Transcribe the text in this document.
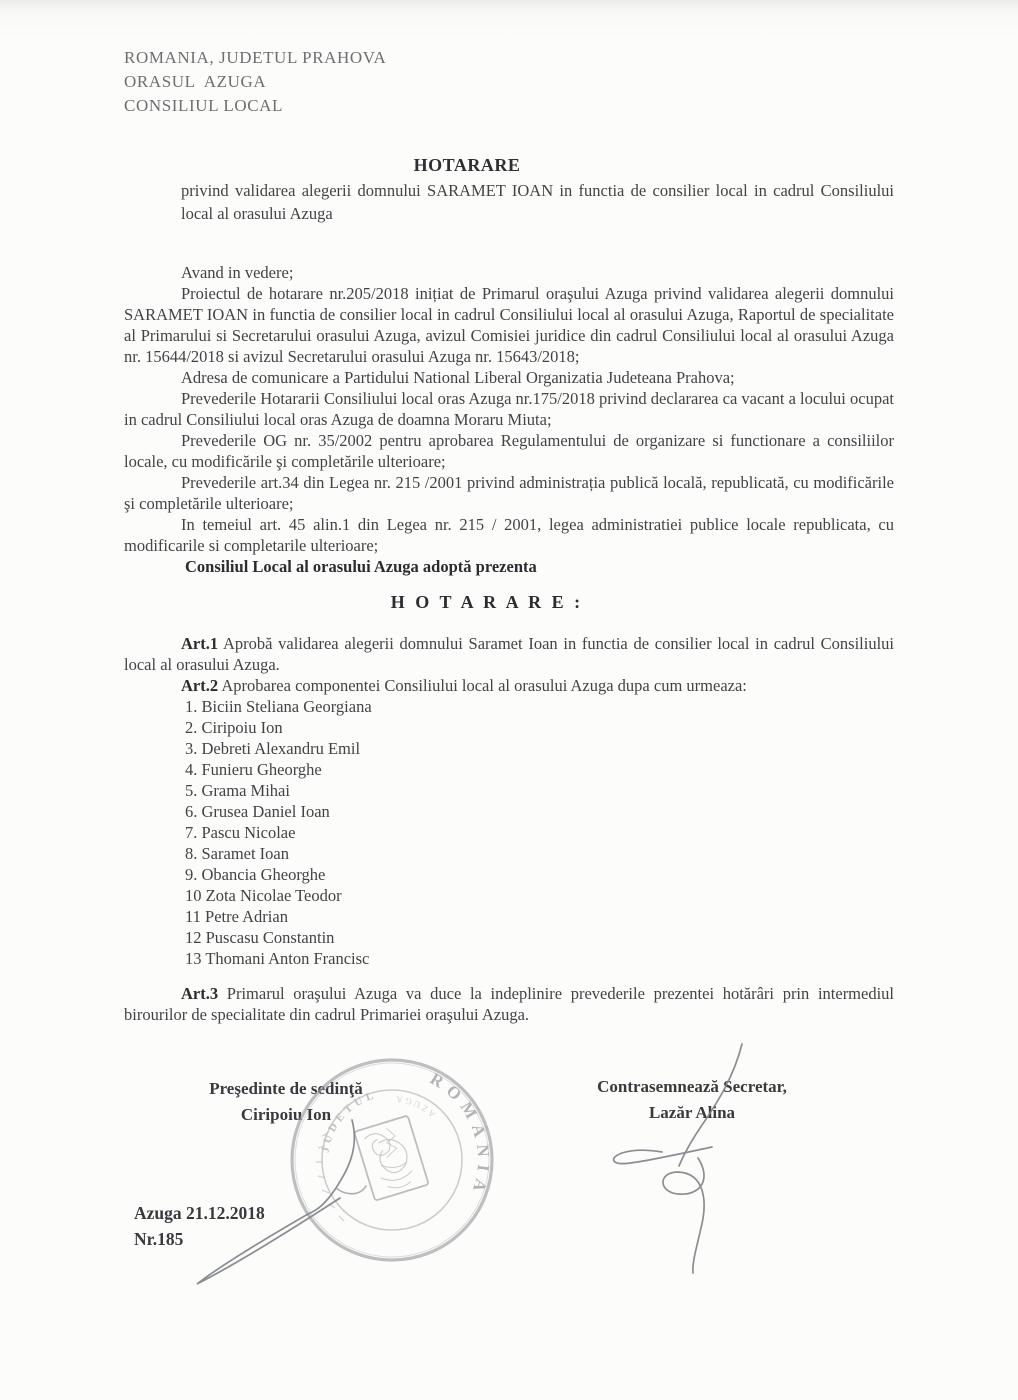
ROMANIA, JUDETUL PRAHOVA
ORASUL  AZUGA
CONSILIUL LOCAL
HOTARARE
privind validarea alegerii domnului SARAMET IOAN in functia de consilier local in cadrul Consiliului local al orasului Azuga

Avand in vedere;

Proiectul de hotarare nr.205/2018 inițiat de Primarul oraşului Azuga privind validarea alegerii domnului SARAMET IOAN in functia de consilier local in cadrul Consiliului local al orasului Azuga, Raportul de specialitate al Primarului si Secretarului orasului Azuga, avizul Comisiei juridice din cadrul Consiliului local al orasului Azuga nr. 15644/2018 si avizul Secretarului orasului Azuga nr. 15643/2018;

Adresa de comunicare a Partidului National Liberal Organizatia Judeteana Prahova;

Prevederile Hotararii Consiliului local oras Azuga nr.175/2018 privind declararea ca vacant a locului ocupat in cadrul Consiliului local oras Azuga de doamna Moraru Miuta;

Prevederile OG nr. 35/2002 pentru aprobarea Regulamentului de organizare si functionare a consiliilor locale, cu modificările şi completările ulterioare;

Prevederile art.34 din Legea nr. 215 /2001 privind administrația publică locală, republicată, cu modificările şi completările ulterioare;

In temeiul art. 45 alin.1 din Legea nr. 215 / 2001, legea administratiei publice locale republicata, cu modificarile si completarile ulterioare;

Consiliul Local al orasului Azuga adoptă prezenta
H O T A R A R E :

Art.1 Aprobă validarea alegerii domnului Saramet Ioan in functia de consilier local in cadrul Consiliului local al orasului Azuga.

Art.2 Aprobarea componentei Consiliului local al orasului Azuga dupa cum urmeaza:

1. Biciin Steliana Georgiana
2. Ciripoiu Ion
3. Debreti Alexandru Emil
4. Funieru Gheorghe
5. Grama Mihai
6. Grusea Daniel Ioan
7. Pascu Nicolae
8. Saramet Ioan
9. Obancia Gheorghe
10 Zota Nicolae Teodor
11 Petre Adrian
12 Puscasu Constantin
13 Thomani Anton Francisc

Art.3 Primarul oraşului Azuga va duce la indeplinire prevederile prezentei hotărâri prin intermediul birourilor de specialitate din cadrul Primariei oraşului Azuga.

Preşedinte de sedinţă
Ciripoiu Ion
Contrasemnează Secretar,
Lazăr Alina
Azuga 21.12.2018
Nr.185
ROMÂNIA
JUDETUL
AZUGA
